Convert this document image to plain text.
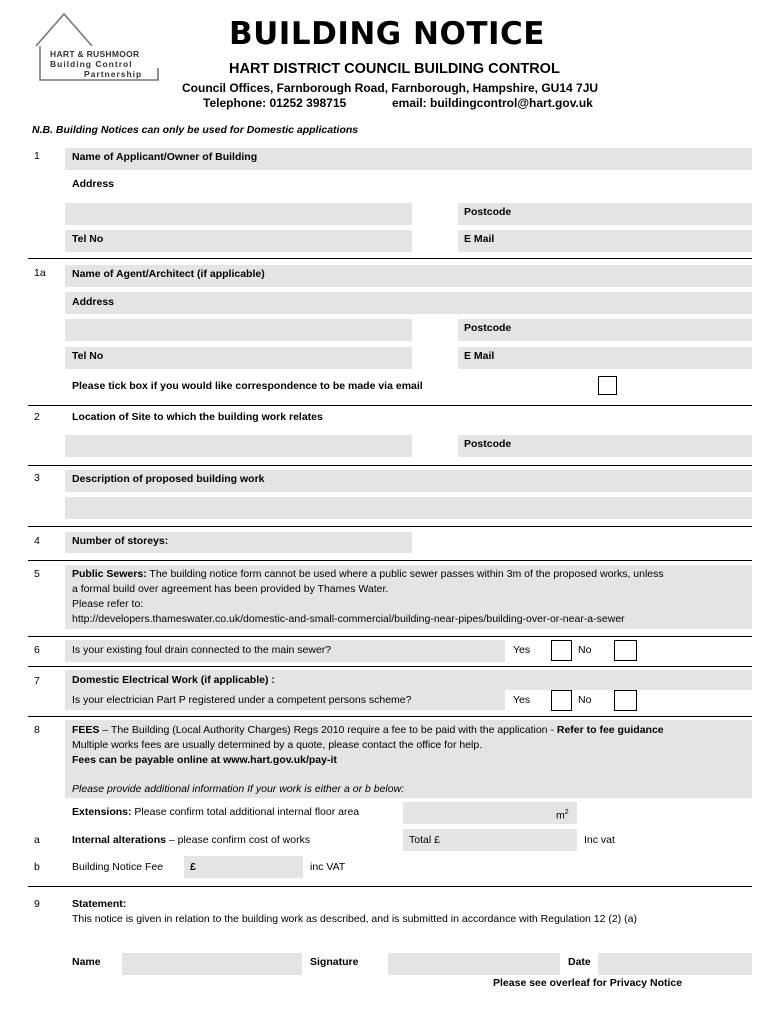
HART & RUSHMOOR
Building Control
Partnership
BUILDING NOTICE
HART DISTRICT COUNCIL BUILDING CONTROL
Council Offices, Farnborough Road, Farnborough, Hampshire, GU14 7JU
Telephone: 01252 398715	email: buildingcontrol@hart.gov.uk
N.B. Building Notices can only be used for Domestic applications
1	Name of Applicant/Owner of Building
Address
Postcode
Tel No	E Mail
1a	Name of Agent/Architect (if applicable)
Address
Postcode
Tel No	E Mail
Please tick box if you would like correspondence to be made via email
2	Location of Site to which the building work relates
Postcode
3	Description of proposed building work
4	Number of storeys:
5	Public Sewers: The building notice form cannot be used where a public sewer passes within 3m of the proposed works, unless
a formal build over agreement has been provided by Thames Water.
Please refer to:
http://developers.thameswater.co.uk/domestic-and-small-commercial/building-near-pipes/building-over-or-near-a-sewer
6	Is your existing foul drain connected to the main sewer?	Yes	No
7	Domestic Electrical Work (if applicable) :
Is your electrician Part P registered under a competent persons scheme?	Yes	No
8	FEES – The Building (Local Authority Charges) Regs 2010 require a fee to be paid with the application - Refer to fee guidance
Multiple works fees are usually determined by a quote, please contact the office for help.
Fees can be payable online at www.hart.gov.uk/pay-it
Please provide additional information If your work is either a or b below:
Extensions: Please confirm total additional internal floor area	$m^2$
a	Internal alterations – please confirm cost of works	Total £	Inc vat
b	Building Notice Fee	£	inc VAT
9	Statement:
This notice is given in relation to the building work as described, and is submitted in accordance with Regulation 12 (2) (a)
Name	Signature	Date
Please see overleaf for Privacy Notice
